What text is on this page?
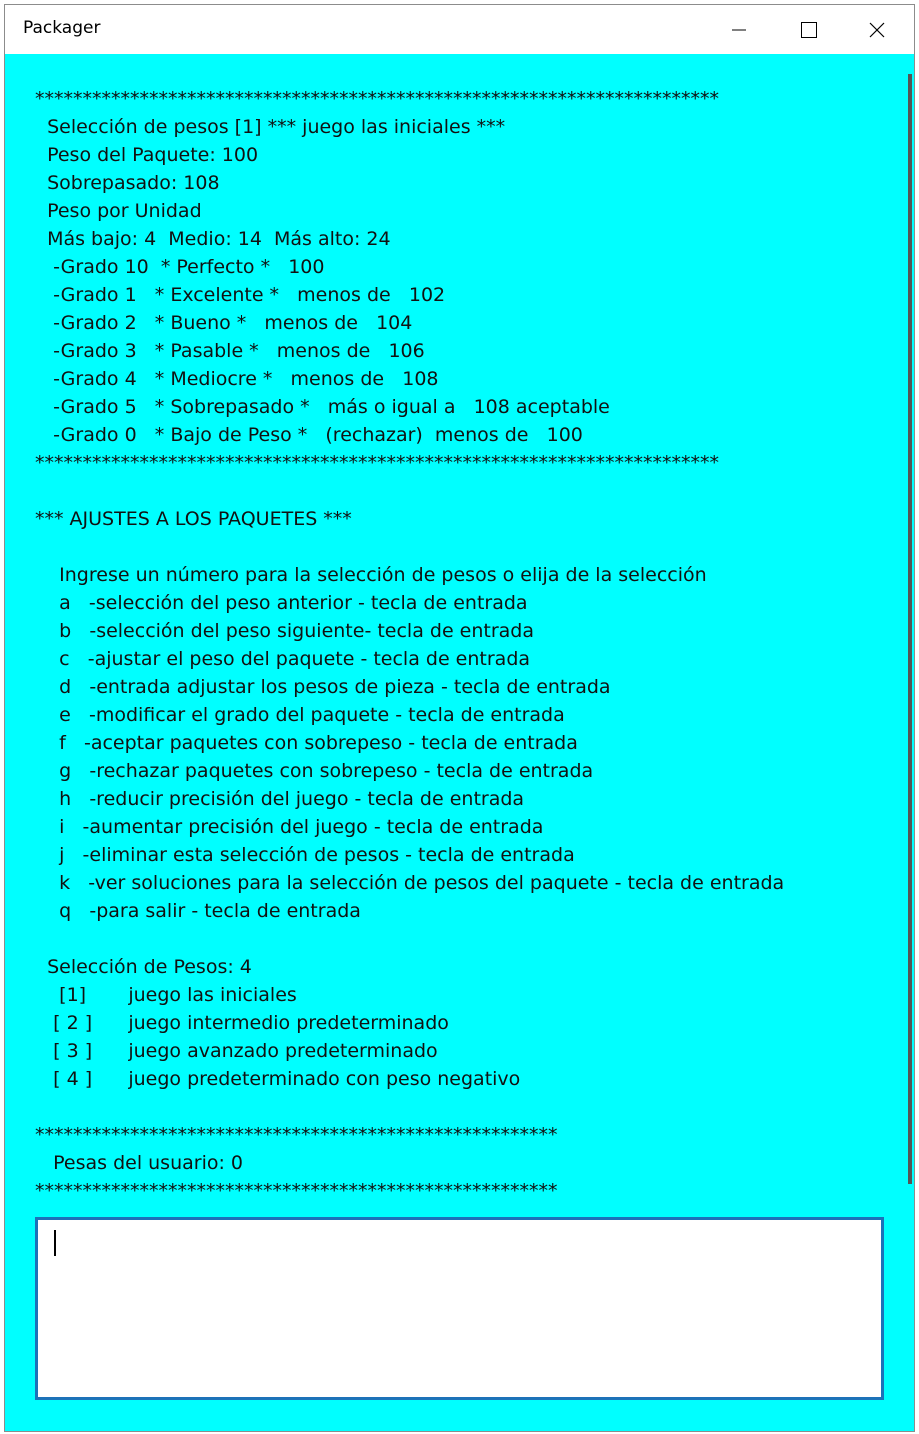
Packager
************************************************************************
Selección de pesos [1] *** juego las iniciales ***
Peso del Paquete: 100
Sobrepasado: 108
Peso por Unidad
Más bajo: 4  Medio: 14  Más alto: 24
-Grado 10  * Perfecto *   100
-Grado 1   * Excelente *   menos de   102
-Grado 2   * Bueno *   menos de   104
-Grado 3   * Pasable *   menos de   106
-Grado 4   * Mediocre *   menos de   108
-Grado 5   * Sobrepasado *   más o igual a   108 aceptable
-Grado 0   * Bajo de Peso *   (rechazar)  menos de   100
************************************************************************
*** AJUSTES A LOS PAQUETES ***
Ingrese un número para la selección de pesos o elija de la selección
a   -selección del peso anterior - tecla de entrada
b   -selección del peso siguiente- tecla de entrada
c   -ajustar el peso del paquete - tecla de entrada
d   -entrada adjustar los pesos de pieza - tecla de entrada
e   -modificar el grado del paquete - tecla de entrada
f   -aceptar paquetes con sobrepeso - tecla de entrada
g   -rechazar paquetes con sobrepeso - tecla de entrada
h   -reducir precisión del juego - tecla de entrada
i   -aumentar precisión del juego - tecla de entrada
j   -eliminar esta selección de pesos - tecla de entrada
k   -ver soluciones para la selección de pesos del paquete - tecla de entrada
q   -para salir - tecla de entrada
Selección de Pesos: 4
[1]       juego las iniciales
[ 2 ]      juego intermedio predeterminado
[ 3 ]      juego avanzado predeterminado
[ 4 ]      juego predeterminado con peso negativo
*******************************************************
Pesas del usuario: 0
*******************************************************
